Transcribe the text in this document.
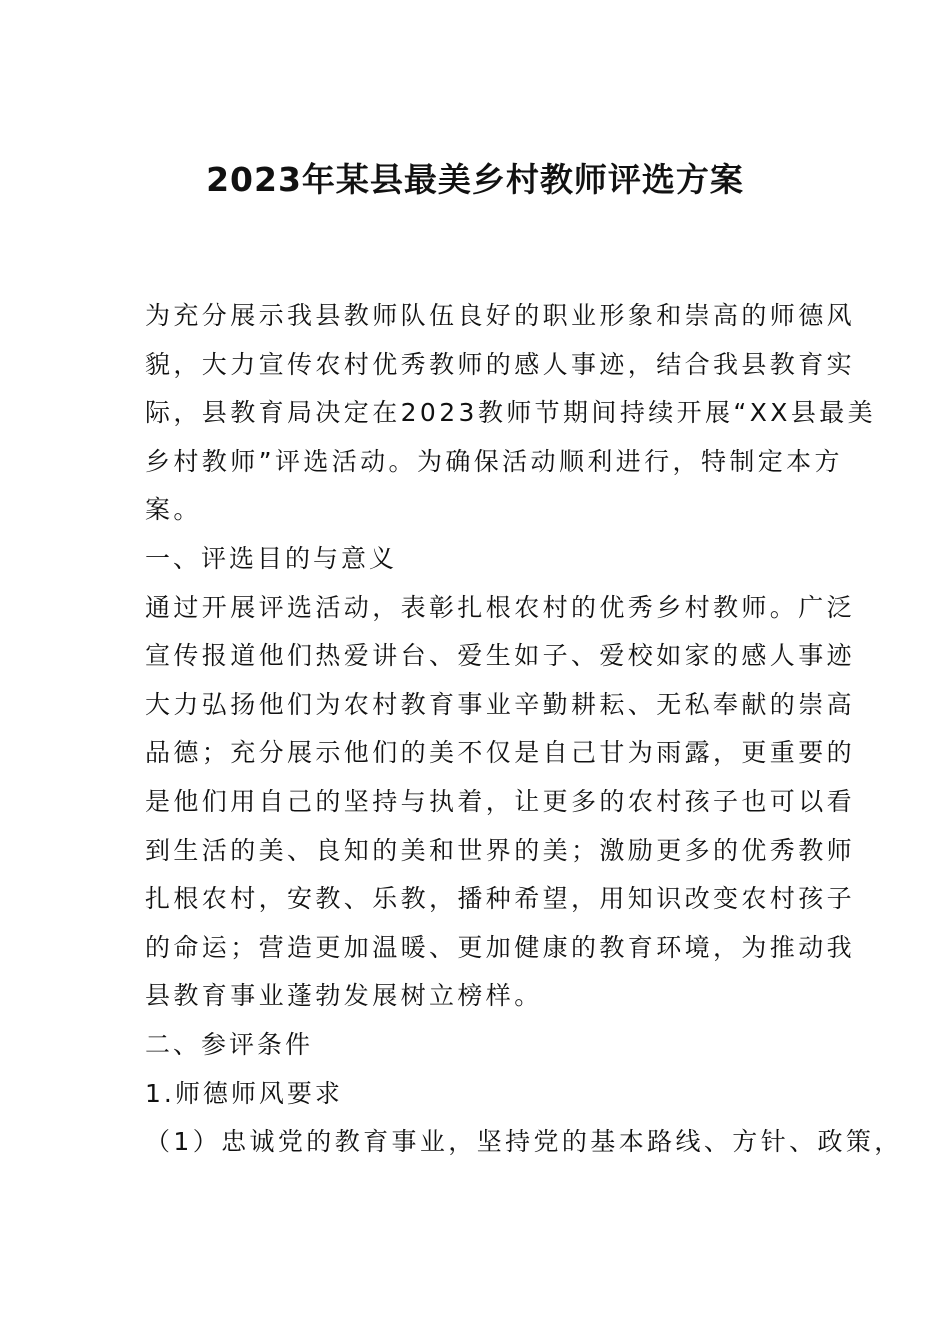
2023年某县最美乡村教师评选方案
为充分展示我县教师队伍良好的职业形象和崇高的师德风
貌，大力宣传农村优秀教师的感人事迹，结合我县教育实
际，县教育局决定在2023教师节期间持续开展“XX县最美
乡村教师”评选活动。为确保活动顺利进行，特制定本方
案。
一、评选目的与意义
通过开展评选活动，表彰扎根农村的优秀乡村教师。广泛
宣传报道他们热爱讲台、爱生如子、爱校如家的感人事迹
大力弘扬他们为农村教育事业辛勤耕耘、无私奉献的崇高
品德；充分展示他们的美不仅是自己甘为雨露，更重要的
是他们用自己的坚持与执着，让更多的农村孩子也可以看
到生活的美、良知的美和世界的美；激励更多的优秀教师
扎根农村，安教、乐教，播种希望，用知识改变农村孩子
的命运；营造更加温暖、更加健康的教育环境，为推动我
县教育事业蓬勃发展树立榜样。
二、参评条件
1.师德师风要求
（1）忠诚党的教育事业，坚持党的基本路线、方针、政策，
